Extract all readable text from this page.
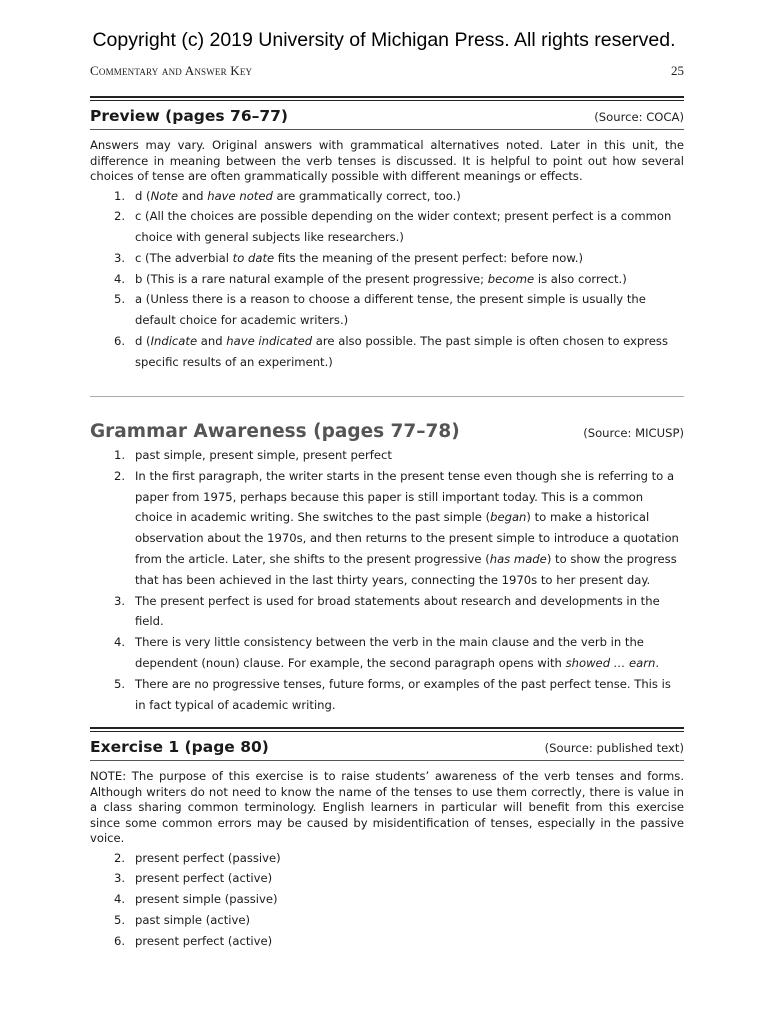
Copyright (c) 2019 University of Michigan Press. All rights reserved.
Commentary and Answer Key	25
Preview (pages 76–77)	(Source: COCA)

Answers may vary. Original answers with grammatical alternatives noted. Later in this unit, the difference in meaning between the verb tenses is discussed. It is helpful to point out how several choices of tense are often grammatically possible with different meanings or effects.

1. d (Note and have noted are grammatically correct, too.)
2. c (All the choices are possible depending on the wider context; present perfect is a common choice with general subjects like researchers.)
3. c (The adverbial to date fits the meaning of the present perfect: before now.)
4. b (This is a rare natural example of the present progressive; become is also correct.)
5. a (Unless there is a reason to choose a different tense, the present simple is usually the default choice for academic writers.)
6. d (Indicate and have indicated are also possible. The past simple is often chosen to express specific results of an experiment.)
Grammar Awareness (pages 77–78)	(Source: MICUSP)
1. past simple, present simple, present perfect
2. In the first paragraph, the writer starts in the present tense even though she is referring to a paper from 1975, perhaps because this paper is still important today. This is a common choice in academic writing. She switches to the past simple (began) to make a historical observation about the 1970s, and then returns to the present simple to introduce a quotation from the article. Later, she shifts to the present progressive (has made) to show the progress that has been achieved in the last thirty years, connecting the 1970s to her present day.
3. The present perfect is used for broad statements about research and developments in the field.
4. There is very little consistency between the verb in the main clause and the verb in the dependent (noun) clause. For example, the second paragraph opens with showed … earn.
5. There are no progressive tenses, future forms, or examples of the past perfect tense. This is in fact typical of academic writing.
Exercise 1 (page 80)	(Source: published text)

NOTE: The purpose of this exercise is to raise students’ awareness of the verb tenses and forms. Although writers do not need to know the name of the tenses to use them correctly, there is value in a class sharing common terminology. English learners in particular will benefit from this exercise since some common errors may be caused by misidentification of tenses, especially in the passive voice.

2. present perfect (passive)
3. present perfect (active)
4. present simple (passive)
5. past simple (active)
6. present perfect (active)
